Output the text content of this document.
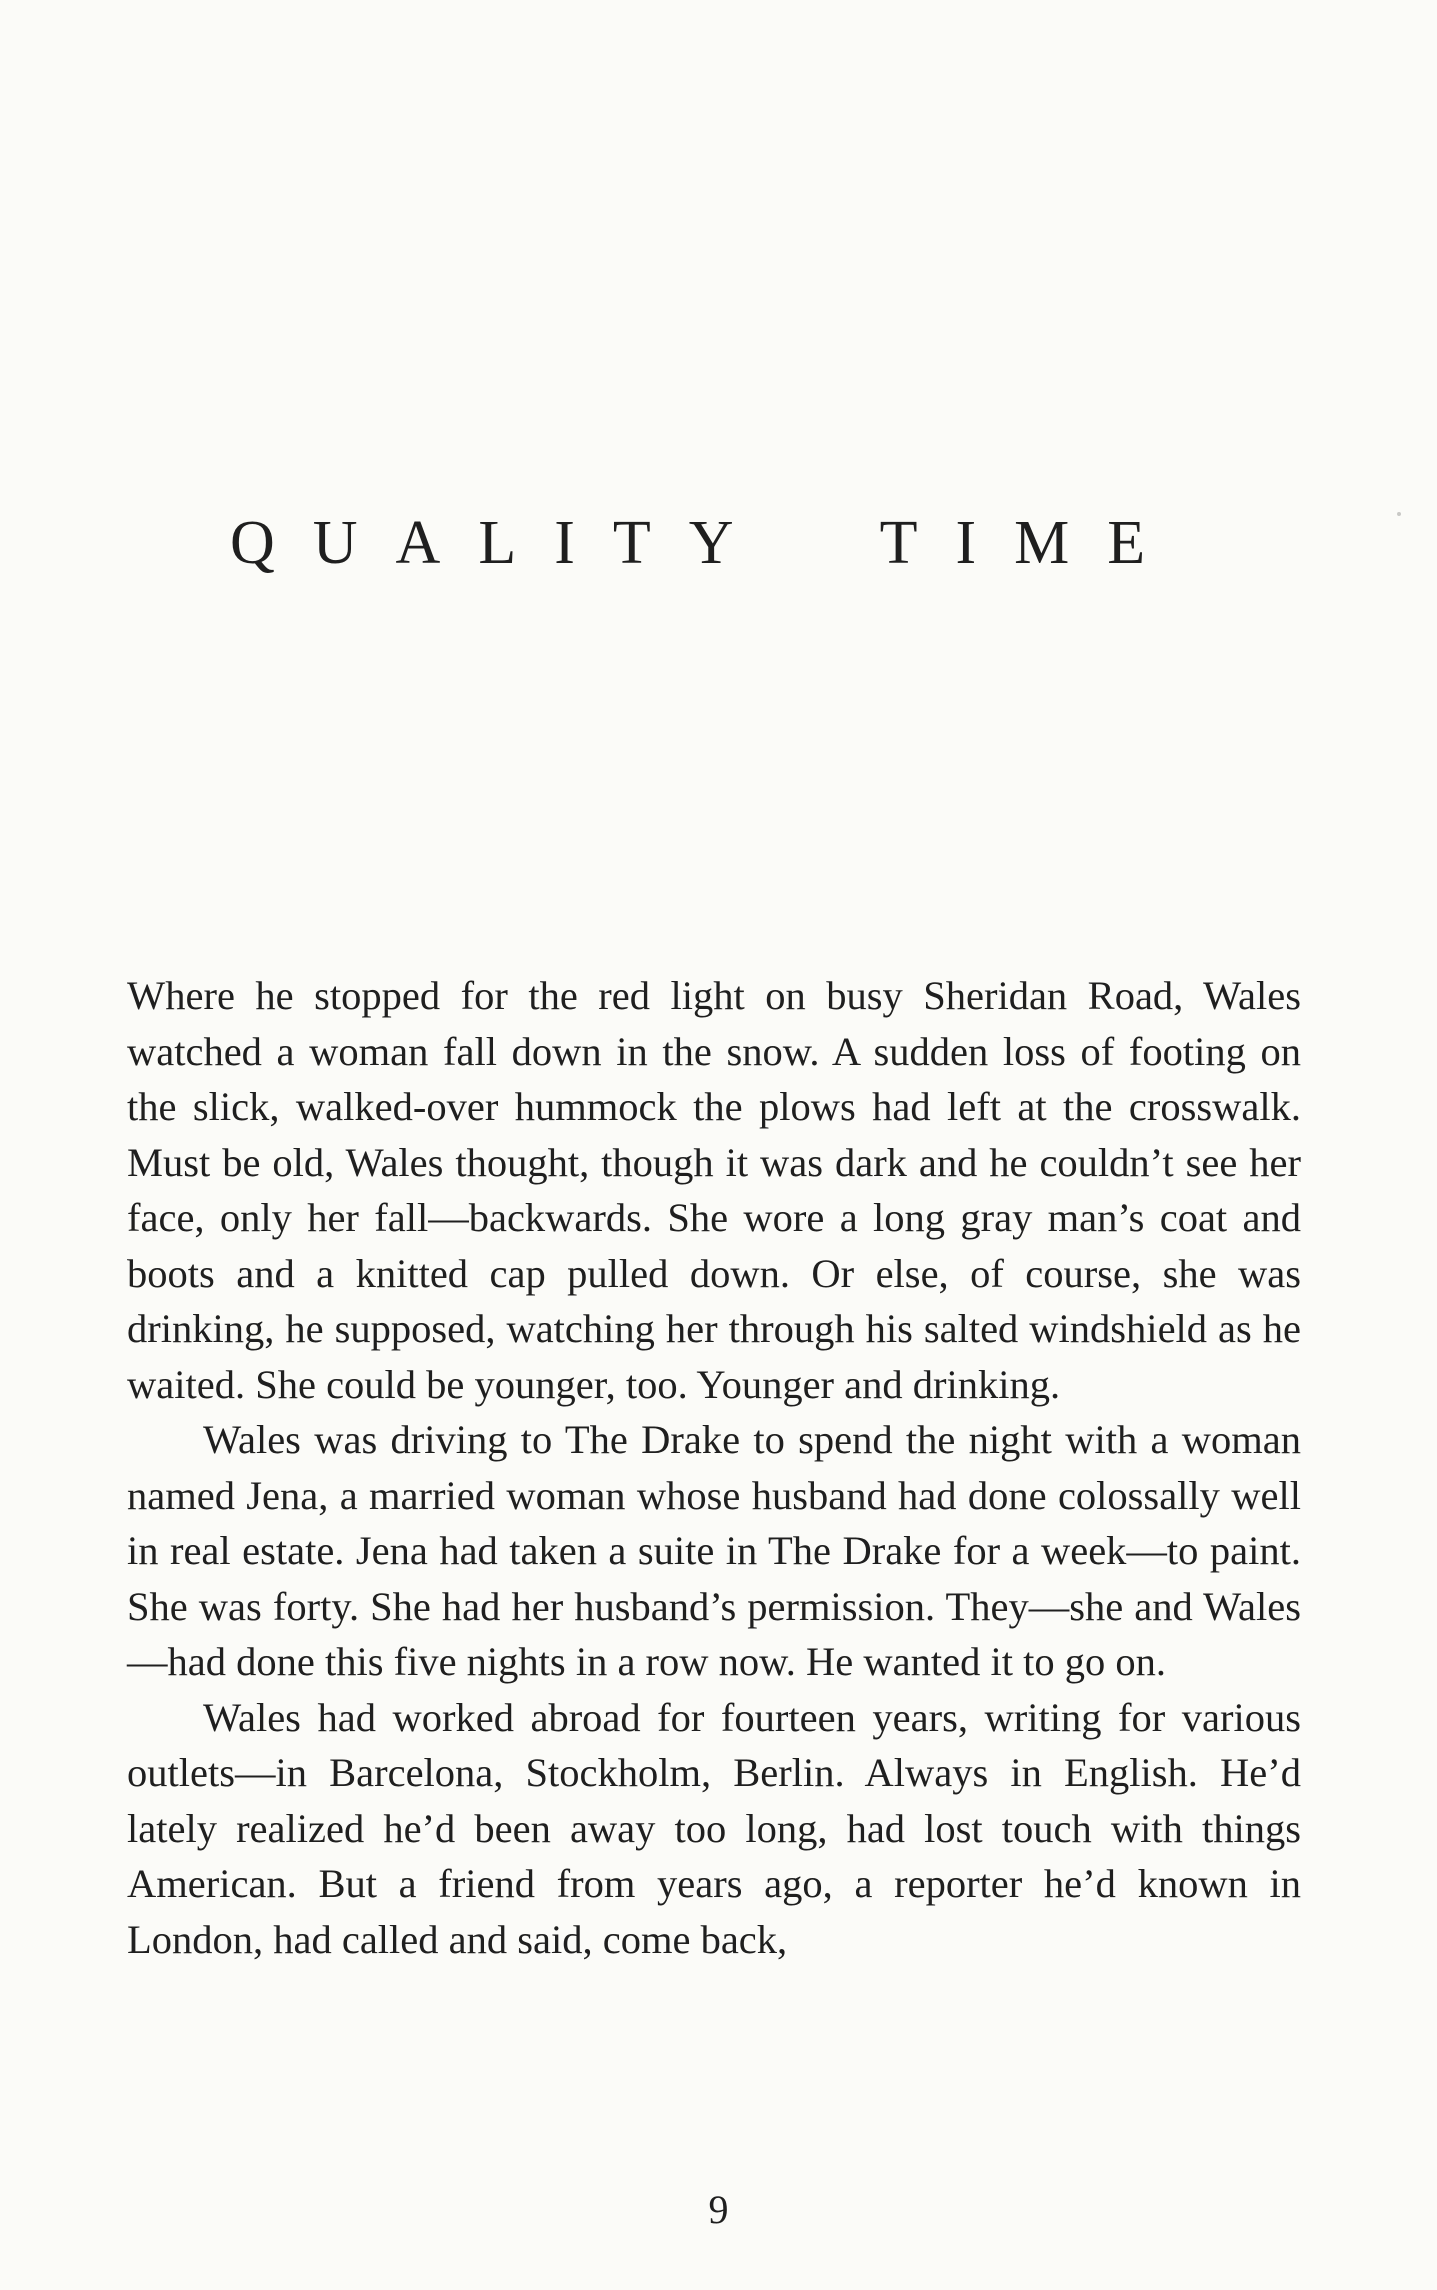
QUALITY TIME

Where he stopped for the red light on busy Sheridan Road, Wales watched a woman fall down in the snow. A sudden loss of footing on the slick, walked-over hummock the plows had left at the crosswalk. Must be old, Wales thought, though it was dark and he couldn’t see her face, only her fall—backwards. She wore a long gray man’s coat and boots and a knitted cap pulled down. Or else, of course, she was drinking, he supposed, watching her through his salted windshield as he waited. She could be younger, too. Younger and drinking.

Wales was driving to The Drake to spend the night with a woman named Jena, a married woman whose husband had done colossally well in real estate. Jena had taken a suite in The Drake for a week—to paint. She was forty. She had her husband’s permission. They—she and Wales—had done this five nights in a row now. He wanted it to go on.

Wales had worked abroad for fourteen years, writing for various outlets—in Barcelona, Stockholm, Berlin. Always in English. He’d lately realized he’d been away too long, had lost touch with things American. But a friend from years ago, a reporter he’d known in London, had called and said, come back,

9
